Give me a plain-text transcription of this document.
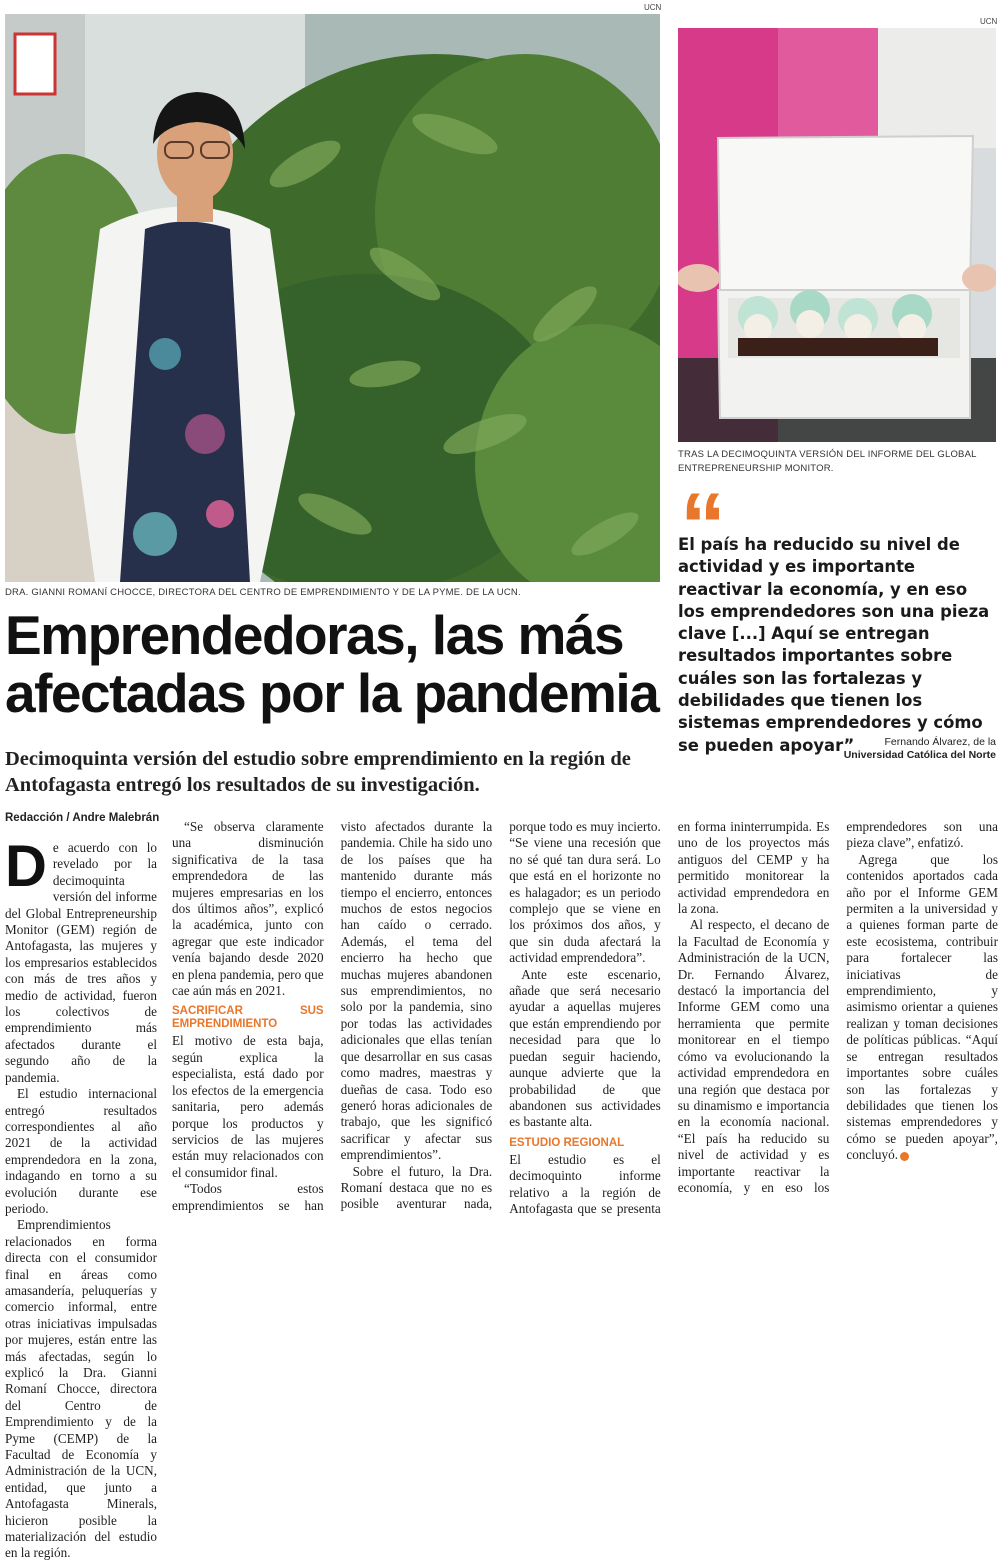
UCN
UCN
DRA. GIANNI ROMANÍ CHOCCE, DIRECTORA DEL CENTRO DE EMPRENDIMIENTO Y DE LA PYME. DE LA UCN.
TRAS LA DECIMOQUINTA VERSIÓN DEL INFORME DEL GLOBAL
ENTREPRENEURSHIP MONITOR.
“
El país ha reducido su nivel de actividad y es importante reactivar la economía, y en eso los emprendedores son una pieza clave [...] Aquí se entregan resultados importantes sobre cuáles son las fortalezas y debilidades que tienen los sistemas emprendedores y cómo se pueden apoyar”	Fernando Álvarez, de la
Universidad Católica del Norte
Emprendedoras, las más
afectadas por la pandemia
Decimoquinta versión del estudio sobre emprendimiento en la región de
Antofagasta entregó los resultados de su investigación.
Redacción / Andre Malebrán

De acuerdo con lo revelado por la decimoquinta versión del informe del Global Entrepreneurship Monitor (GEM) región de Antofagasta, las mujeres y los empresarios establecidos con más de tres años y medio de actividad, fueron los colectivos de emprendimiento más afectados durante el segundo año de la pandemia.

El estudio internacional entregó resultados correspondientes al año 2021 de la actividad emprendedora en la zona, indagando en torno a su evolución durante ese periodo.

Emprendimientos relacionados en forma directa con el consumidor final en áreas como amasandería, peluquerías y comercio informal, entre otras iniciativas impulsadas por mujeres, están entre las más afectadas, según lo explicó la Dra. Gianni Romaní Chocce, directora del Centro de Emprendimiento y de la Pyme (CEMP) de la Facultad de Economía y Administración de la UCN, entidad, que junto a Antofagasta Minerals, hicieron posible la materialización del estudio en la región.

“Se observa claramente una disminución significativa de la tasa emprendedora de las mujeres empresarias en los dos últimos años”, explicó la académica, junto con agregar que este indicador venía bajando desde 2020 en plena pandemia, pero que cae aún más en 2021.

SACRIFICAR SUS EMPRENDIMIENTO

El motivo de esta baja, según explica la especialista, está dado por los efectos de la emergencia sanitaria, pero además porque los productos y servicios de las mujeres están muy relacionados con el consumidor final.

“Todos estos emprendimientos se han visto afectados durante la pandemia. Chile ha sido uno de los países que ha mantenido durante más tiempo el encierro, entonces muchos de estos negocios han caído o cerrado. Además, el tema del encierro ha hecho que muchas mujeres abandonen sus emprendimientos, no solo por la pandemia, sino por todas las actividades adicionales que ellas tenían que desarrollar en sus casas como madres, maestras y dueñas de casa. Todo eso generó horas adicionales de trabajo, que les significó sacrificar y afectar sus emprendimientos”.

Sobre el futuro, la Dra. Romaní destaca que no es posible aventurar nada, porque todo es muy incierto. “Se viene una recesión que no sé qué tan dura será. Lo que está en el horizonte no es halagador; es un periodo complejo que se viene en los próximos dos años, y que sin duda afectará la actividad emprendedora”.

Ante este escenario, añade que será necesario ayudar a aquellas mujeres que están emprendiendo por necesidad para que lo puedan seguir haciendo, aunque advierte que la probabilidad de que abandonen sus actividades es bastante alta.

ESTUDIO REGIONAL

El estudio es el decimoquinto informe relativo a la región de Antofagasta que se presenta en forma ininterrumpida. Es uno de los proyectos más antiguos del CEMP y ha permitido monitorear la actividad emprendedora en la zona.

Al respecto, el decano de la Facultad de Economía y Administración de la UCN, Dr. Fernando Álvarez, destacó la importancia del Informe GEM como una herramienta que permite monitorear en el tiempo cómo va evolucionando la actividad emprendedora en una región que destaca por su dinamismo e importancia en la economía nacional. “El país ha reducido su nivel de actividad y es importante reactivar la economía, y en eso los emprendedores son una pieza clave”, enfatizó.

Agrega que los contenidos aportados cada año por el Informe GEM permiten a la universidad y a quienes forman parte de este ecosistema, contribuir para fortalecer las iniciativas de emprendimiento, y asimismo orientar a quienes realizan y toman decisiones de políticas públicas. “Aquí se entregan resultados importantes sobre cuáles son las fortalezas y debilidades que tienen los sistemas emprendedores y cómo se pueden apoyar”, concluyó.
